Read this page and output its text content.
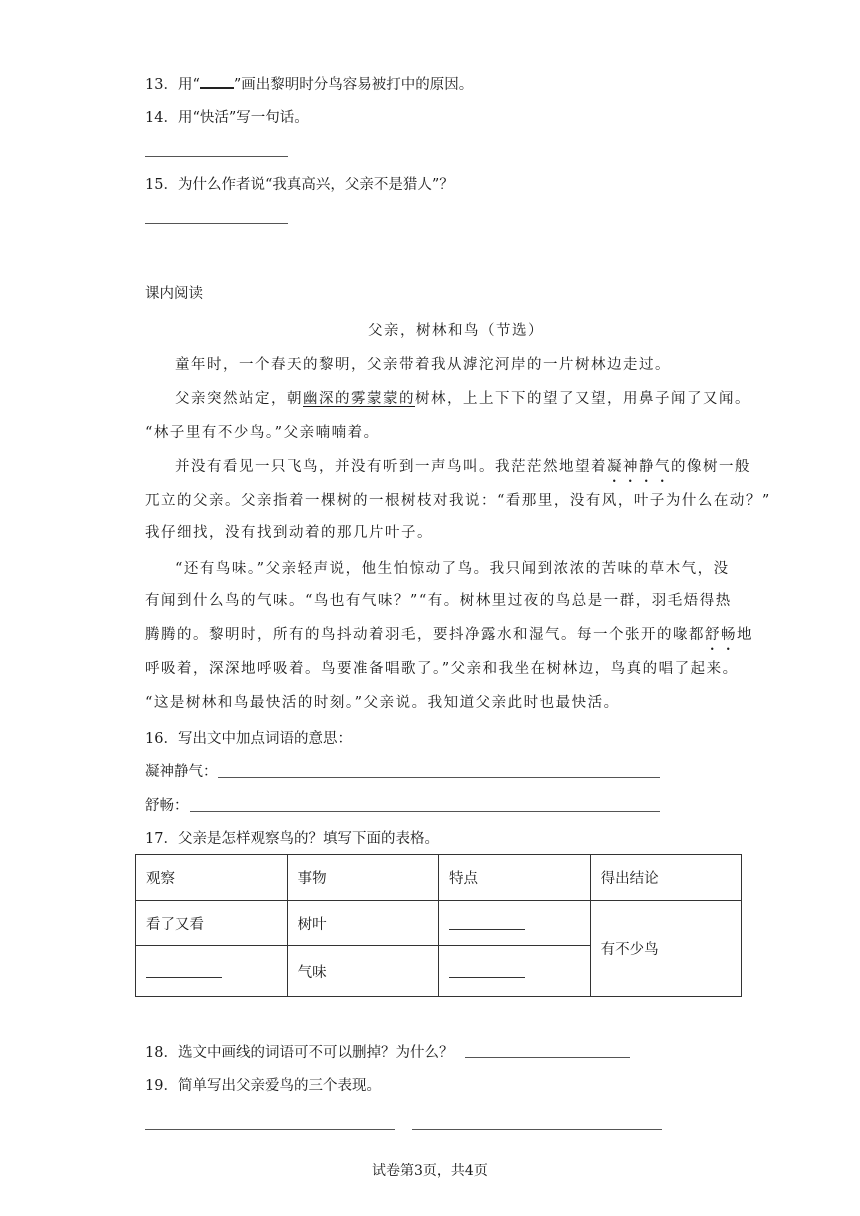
13．用“ ”画出黎明时分鸟容易被打中的原因。
14．用“快活”写一句话。
15．为什么作者说“我真高兴，父亲不是猎人”？
课内阅读
父亲，树林和鸟（节选）
童年时，一个春天的黎明，父亲带着我从滹沱河岸的一片树林边走过。
父亲突然站定，朝幽深的雾蒙蒙的树林，上上下下的望了又望，用鼻子闻了又闻。
“林子里有不少鸟。”父亲喃喃着。
并没有看见一只飞鸟，并没有听到一声鸟叫。我茫茫然地望着凝神静气的像树一般
兀立的父亲。父亲指着一棵树的一根树枝对我说：“看那里，没有风，叶子为什么在动？”
我仔细找，没有找到动着的那几片叶子。
“还有鸟味。”父亲轻声说，他生怕惊动了鸟。我只闻到浓浓的苦味的草木气，没
有闻到什么鸟的气味。“鸟也有气味？”“有。树林里过夜的鸟总是一群，羽毛焐得热
腾腾的。黎明时，所有的鸟抖动着羽毛，要抖净露水和湿气。每一个张开的喙都舒畅地
呼吸着，深深地呼吸着。鸟要准备唱歌了。”父亲和我坐在树林边，鸟真的唱了起来。
“这是树林和鸟最快活的时刻。”父亲说。我知道父亲此时也最快活。
16．写出文中加点词语的意思：
凝神静气：
舒畅：
17．父亲是怎样观察鸟的？填写下面的表格。
观察	事物	特点	得出结论
看了又看	树叶		有不少鸟
	气味		
18．选文中画线的词语可不可以删掉？为什么？
19．简单写出父亲爱鸟的三个表现。
试卷第3页，共4页
